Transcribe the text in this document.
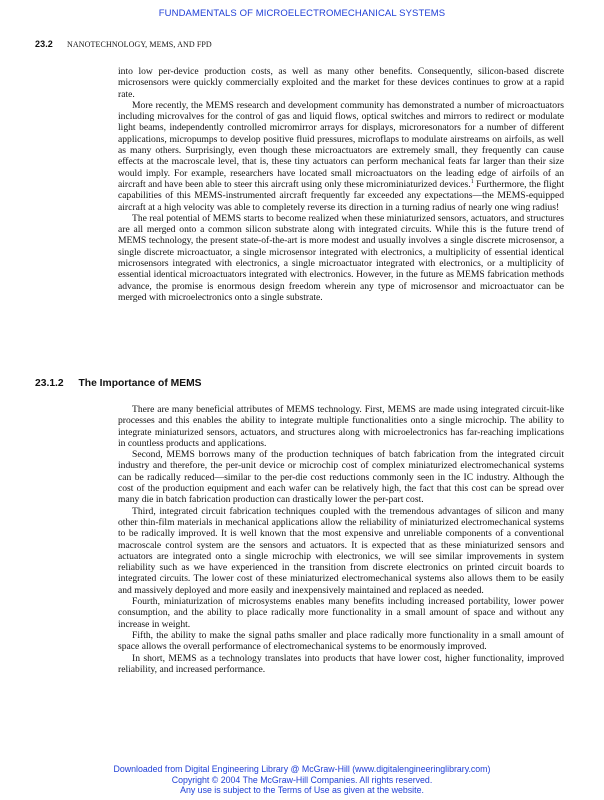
FUNDAMENTALS OF MICROELECTROMECHANICAL SYSTEMS
23.2 NANOTECHNOLOGY, MEMS, AND FPD

into low per-device production costs, as well as many other benefits. Consequently, silicon-based discrete microsensors were quickly commercially exploited and the market for these devices continues to grow at a rapid rate.

More recently, the MEMS research and development community has demonstrated a number of microactuators including microvalves for the control of gas and liquid flows, optical switches and mirrors to redirect or modulate light beams, independently controlled micromirror arrays for displays, microresonators for a number of different applications, micropumps to develop positive fluid pressures, microflaps to modulate airstreams on airfoils, as well as many others. Surprisingly, even though these microactuators are extremely small, they frequently can cause effects at the macroscale level, that is, these tiny actuators can perform mechanical feats far larger than their size would imply. For example, researchers have located small microactuators on the leading edge of airfoils of an aircraft and have been able to steer this aircraft using only these microminiaturized devices.$^1$ Furthermore, the flight capabilities of this MEMS-instrumented aircraft frequently far exceeded any expectations—the MEMS-equipped aircraft at a high velocity was able to completely reverse its direction in a turning radius of nearly one wing radius!

The real potential of MEMS starts to become realized when these miniaturized sensors, actuators, and structures are all merged onto a common silicon substrate along with integrated circuits. While this is the future trend of MEMS technology, the present state-of-the-art is more modest and usually involves a single discrete microsensor, a single discrete microactuator, a single microsensor integrated with electronics, a multiplicity of essential identical microsensors integrated with electronics, a single microactuator integrated with electronics, or a multiplicity of essential identical microactuators integrated with electronics. However, in the future as MEMS fabrication methods advance, the promise is enormous design freedom wherein any type of microsensor and microactuator can be merged with microelectronics onto a single substrate.

23.1.2 The Importance of MEMS

There are many beneficial attributes of MEMS technology. First, MEMS are made using integrated circuit-like processes and this enables the ability to integrate multiple functionalities onto a single microchip. The ability to integrate miniaturized sensors, actuators, and structures along with microelectronics has far-reaching implications in countless products and applications.

Second, MEMS borrows many of the production techniques of batch fabrication from the integrated circuit industry and therefore, the per-unit device or microchip cost of complex miniaturized electromechanical systems can be radically reduced—similar to the per-die cost reductions commonly seen in the IC industry. Although the cost of the production equipment and each wafer can be relatively high, the fact that this cost can be spread over many die in batch fabrication production can drastically lower the per-part cost.

Third, integrated circuit fabrication techniques coupled with the tremendous advantages of silicon and many other thin-film materials in mechanical applications allow the reliability of miniaturized electromechanical systems to be radically improved. It is well known that the most expensive and unreliable components of a conventional macroscale control system are the sensors and actuators. It is expected that as these miniaturized sensors and actuators are integrated onto a single microchip with electronics, we will see similar improvements in system reliability such as we have experienced in the transition from discrete electronics on printed circuit boards to integrated circuits. The lower cost of these miniaturized electromechanical systems also allows them to be easily and massively deployed and more easily and inexpensively maintained and replaced as needed.

Fourth, miniaturization of microsystems enables many benefits including increased portability, lower power consumption, and the ability to place radically more functionality in a small amount of space and without any increase in weight.

Fifth, the ability to make the signal paths smaller and place radically more functionality in a small amount of space allows the overall performance of electromechanical systems to be enormously improved.

In short, MEMS as a technology translates into products that have lower cost, higher functionality, improved reliability, and increased performance.

Downloaded from Digital Engineering Library @ McGraw-Hill (www.digitalengineeringlibrary.com)
Copyright © 2004 The McGraw-Hill Companies. All rights reserved.
Any use is subject to the Terms of Use as given at the website.
